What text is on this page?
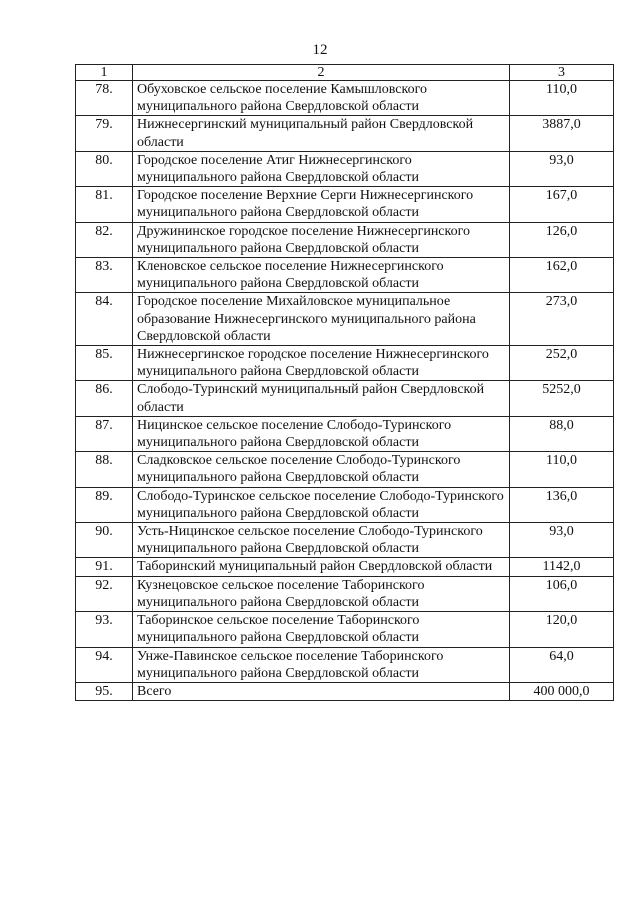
12
1	2	3
78.	Обуховское сельское поселение Камышловского муниципального района Свердловской области	110,0
79.	Нижнесергинский муниципальный район Свердловской области	3887,0
80.	Городское поселение Атиг Нижнесергинского муниципального района Свердловской области	93,0
81.	Городское поселение Верхние Серги Нижнесергинского муниципального района Свердловской области	167,0
82.	Дружининское городское поселение Нижнесергинского муниципального района Свердловской области	126,0
83.	Кленовское сельское поселение Нижнесергинского муниципального района Свердловской области	162,0
84.	Городское поселение Михайловское муниципальное образование Нижнесергинского муниципального района Свердловской области	273,0
85.	Нижнесергинское городское поселение Нижнесергинского муниципального района Свердловской области	252,0
86.	Слободо-Туринский муниципальный район Свердловской области	5252,0
87.	Ницинское сельское поселение Слободо-Туринского муниципального района Свердловской области	88,0
88.	Сладковское сельское поселение Слободо-Туринского муниципального района Свердловской области	110,0
89.	Слободо-Туринское сельское поселение Слободо-Туринского муниципального района Свердловской области	136,0
90.	Усть-Ницинское сельское поселение Слободо-Туринского муниципального района Свердловской области	93,0
91.	Таборинский муниципальный район Свердловской области	1142,0
92.	Кузнецовское сельское поселение Таборинского муниципального района Свердловской области	106,0
93.	Таборинское сельское поселение Таборинского муниципального района Свердловской области	120,0
94.	Унже-Павинское сельское поселение Таборинского муниципального района Свердловской области	64,0
95.	Всего	400 000,0
